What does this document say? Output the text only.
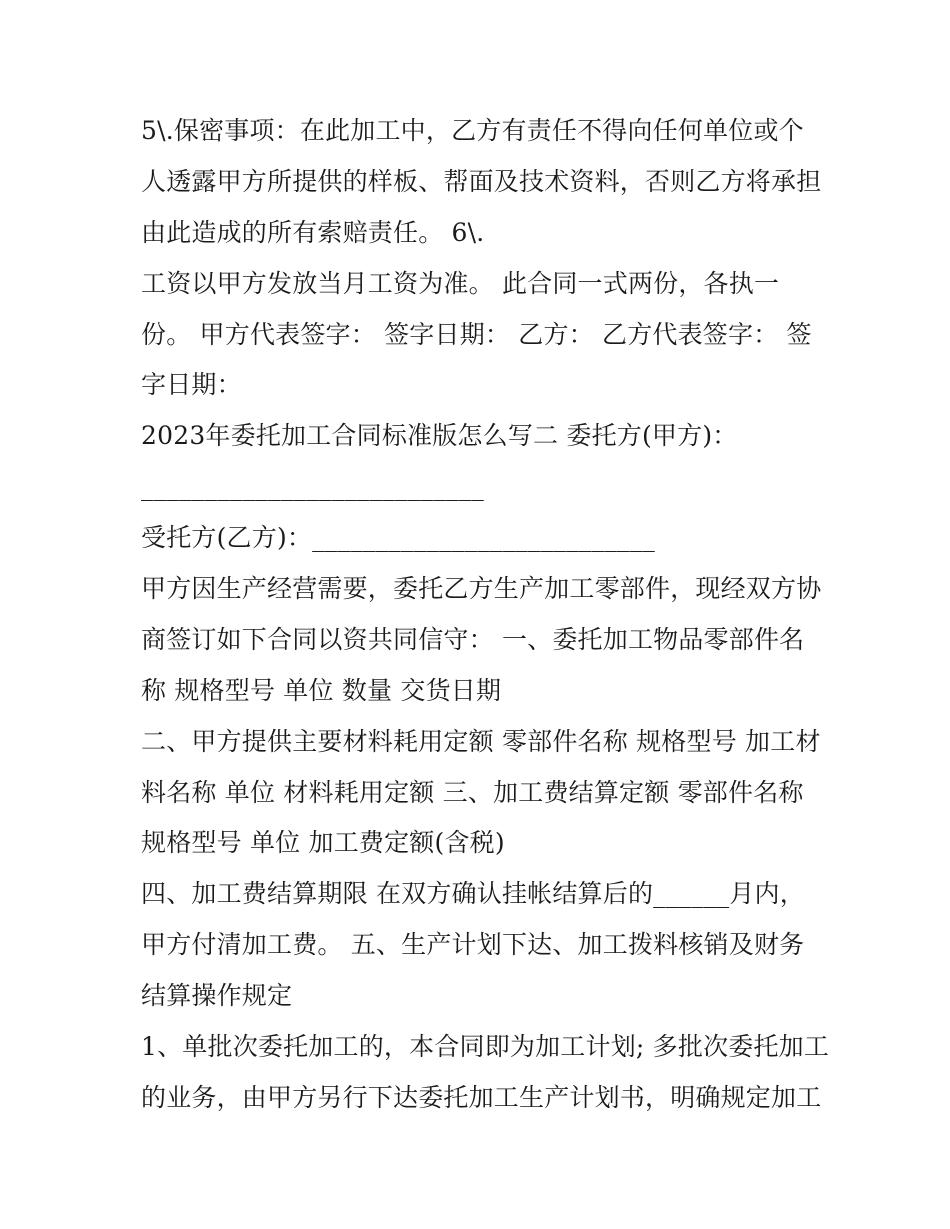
5\.保密事项：在此加工中，乙方有责任不得向任何单位或个
人透露甲方所提供的样板、帮面及技术资料，否则乙方将承担
由此造成的所有索赔责任。 6\.
工资以甲方发放当月工资为准。 此合同一式两份，各执一
份。 甲方代表签字： 签字日期： 乙方： 乙方代表签字： 签
字日期：
2023年委托加工合同标准版怎么写二 委托方(甲方)：
___________________________
受托方(乙方)：___________________________
甲方因生产经营需要，委托乙方生产加工零部件，现经双方协
商签订如下合同以资共同信守： 一、委托加工物品零部件名
称 规格型号 单位 数量 交货日期
二、甲方提供主要材料耗用定额 零部件名称 规格型号 加工材
料名称 单位 材料耗用定额 三、加工费结算定额 零部件名称
规格型号 单位 加工费定额(含税)
四、加工费结算期限 在双方确认挂帐结算后的______月内，
甲方付清加工费。 五、生产计划下达、加工拨料核销及财务
结算操作规定
1、单批次委托加工的，本合同即为加工计划; 多批次委托加工
的业务，由甲方另行下达委托加工生产计划书，明确规定加工
